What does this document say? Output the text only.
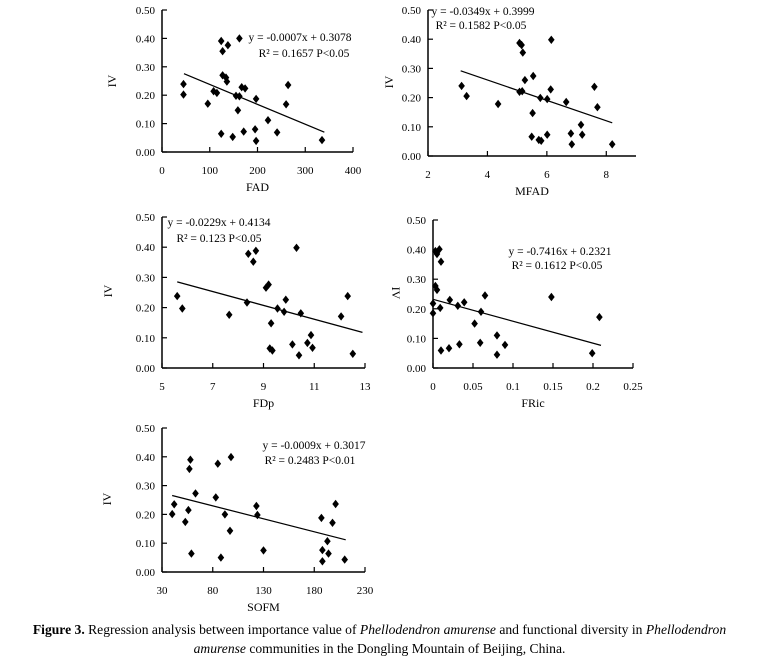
0	100	200	300	400
0.00
0.10
0.20
0.30
0.40
0.50
FAD
IV
y = -0.0007x + 0.3078
R² = 0.1657 P<0.05
2	4	6	8
0.00
0.10
0.20
0.30
0.40
0.50
MFAD
IV
y = -0.0349x + 0.3999
R² = 0.1582 P<0.05
5	7	9	11	13
0.00
0.10
0.20
0.30
0.40
0.50
FDp
IV
y = -0.0229x + 0.4134
R² = 0.123 P<0.05
0	0.05 0.1 0.15 0.2 0.25
0.00
0.10
0.20
0.30
0.40
0.50
FRic
IV
y = -0.7416x + 0.2321
R² = 0.1612 P<0.05
30	80	130	180	230
0.00
0.10
0.20
0.30
0.40
0.50
SOFM
IV
y = -0.0009x + 0.3017
R² = 0.2483 P<0.01

Figure 3. Regression analysis between importance value of Phellodendron amurense and functional diversity in Phellodendron amurense communities in the Dongling Mountain of Beijing, China.
